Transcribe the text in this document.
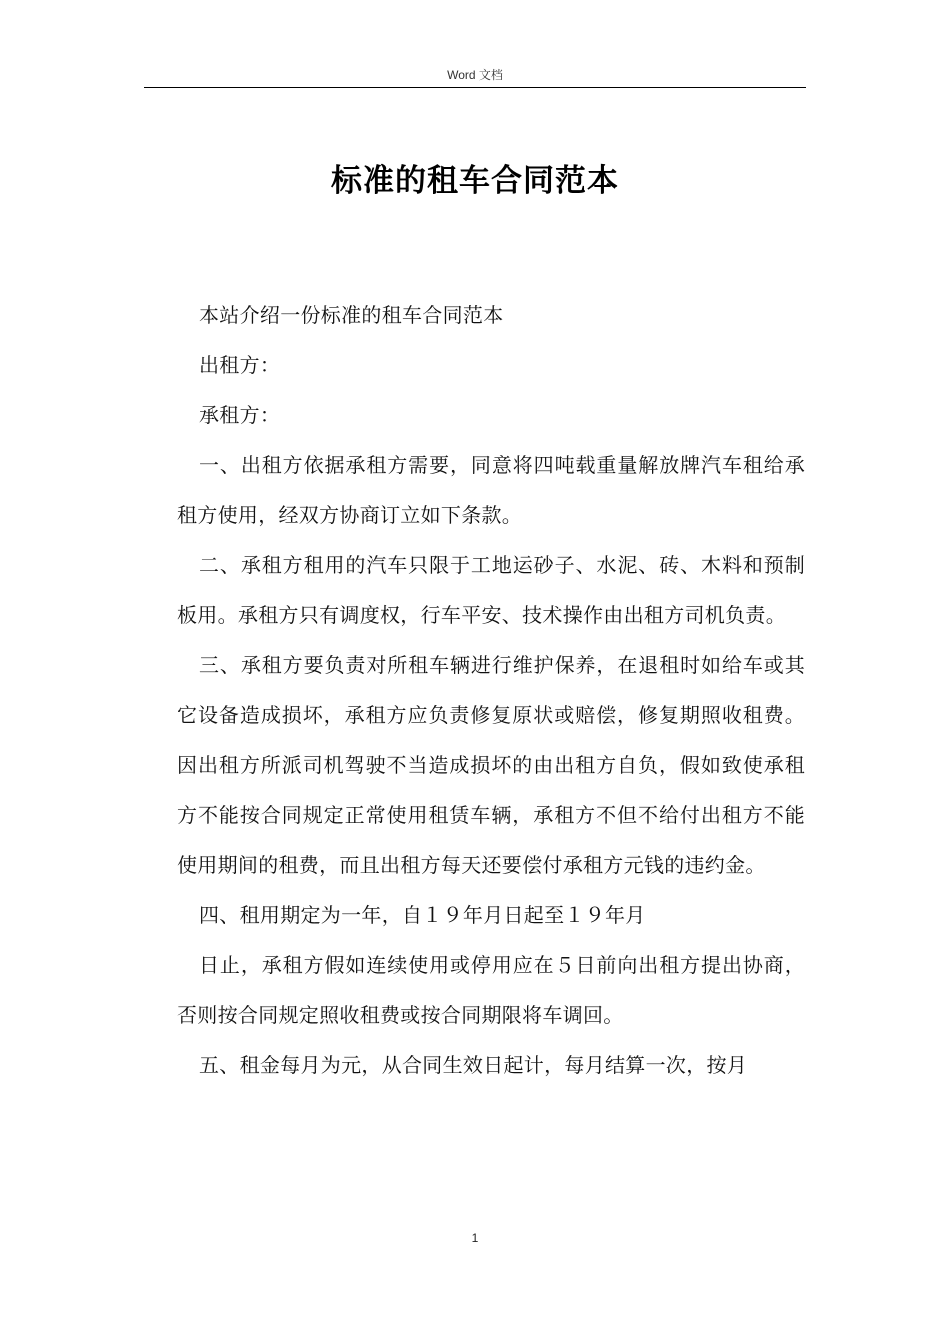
Word 文档
标准的租车合同范本

本站介绍一份标准的租车合同范本

出租方：

承租方：

一、出租方依据承租方需要，同意将四吨载重量解放牌汽车租给承租方使用，经双方协商订立如下条款。

二、承租方租用的汽车只限于工地运砂子、水泥、砖、木料和预制板用。承租方只有调度权，行车平安、技术操作由出租方司机负责。

三、承租方要负责对所租车辆进行维护保养，在退租时如给车或其它设备造成损坏，承租方应负责修复原状或赔偿，修复期照收租费。因出租方所派司机驾驶不当造成损坏的由出租方自负，假如致使承租方不能按合同规定正常使用租赁车辆，承租方不但不给付出租方不能使用期间的租费，而且出租方每天还要偿付承租方元钱的违约金。

四、租用期定为一年，自１９年月日起至１９年月

日止，承租方假如连续使用或停用应在５日前向出租方提出协商，否则按合同规定照收租费或按合同期限将车调回。

五、租金每月为元，从合同生效日起计，每月结算一次，按月

1
